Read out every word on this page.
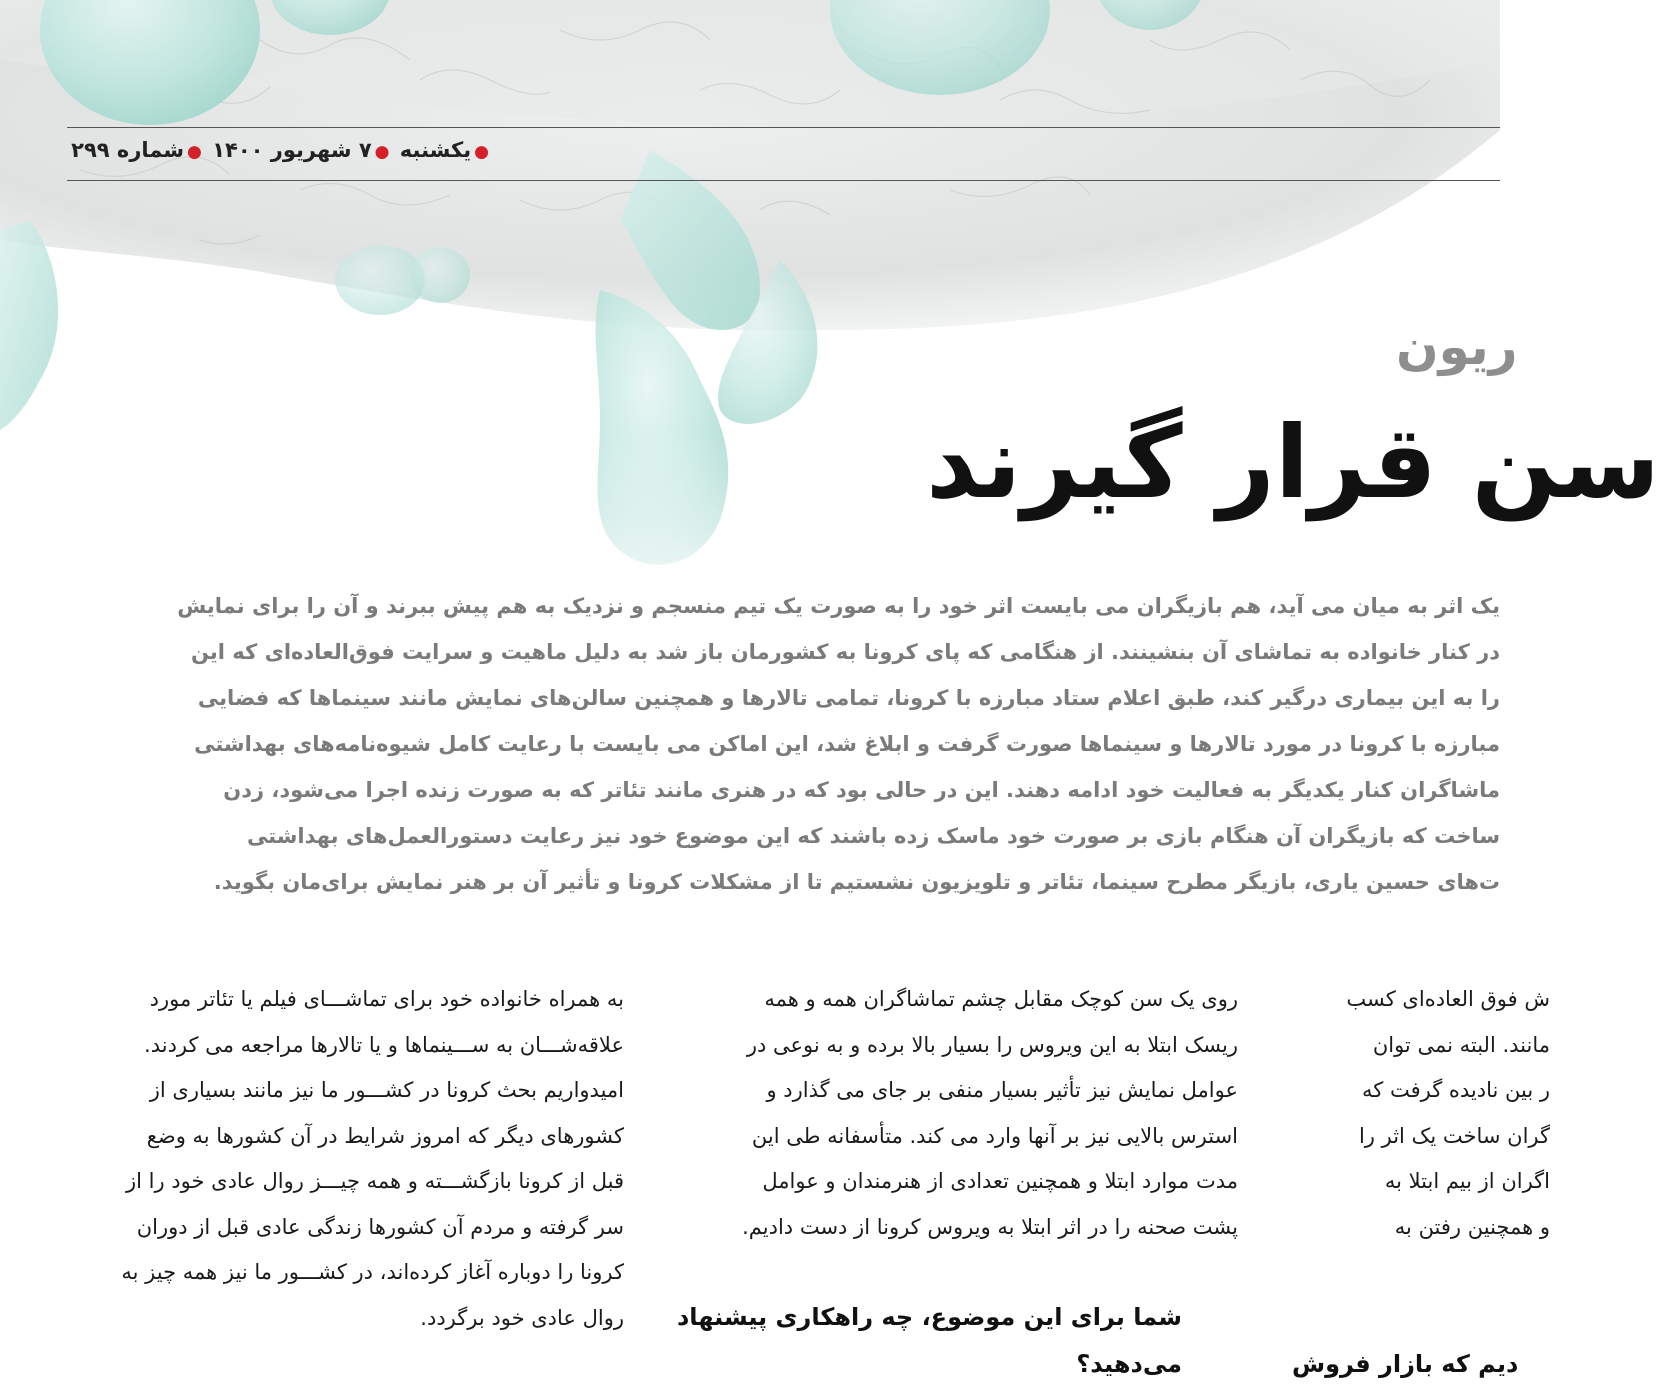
●یکشنبه ●۷ شهریور ۱۴۰۰ ●شماره ۲۹۹
ریون
سن قرار گیرند
یک اثر به میان می آید، هم بازیگران می بایست اثر خود را به صورت یک تیم منسجم و نزدیک به هم پیش ببرند و آن را برای نمایش
در کنار خانواده به تماشای آن بنشینند. از هنگامی که پای کرونا به کشورمان باز شد به دلیل ماهیت و سرایت فوق‌العاده‌ای که این
را به این بیماری درگیر کند، طبق اعلام ستاد مبارزه با کرونا، تمامی تالارها و همچنین سالن‌های نمایش مانند سینماها که فضایی
مبارزه با کرونا در مورد تالارها و سینماها صورت گرفت و ابلاغ شد، این اماکن می بایست با رعایت کامل شیوه‌نامه‌های بهداشتی
ماشاگران کنار یکدیگر به فعالیت خود ادامه دهند. این در حالی بود که در هنری مانند تئاتر که به صورت زنده اجرا می‌شود، زدن
ساخت که بازیگران آن هنگام بازی بر صورت خود ماسک زده باشند که این موضوع خود نیز رعایت دستورالعمل‌های بهداشتی
ت‌های حسین یاری، بازیگر مطرح سینما، تئاتر و تلویزیون نشستیم تا از مشکلات کرونا و تأثیر آن بر هنر نمایش برای‌مان بگوید.
ش فوق العاده‌ای کسب
مانند. البته نمی توان
ر بین نادیده گرفت که
گران ساخت یک اثر را
اگران از بیم ابتلا به
و همچنین رفتن به
دیم که بازار فروش
روی یک سن کوچک مقابل چشم تماشاگران همه و همه
ریسک ابتلا به این ویروس را بسیار بالا برده و به نوعی در
عوامل نمایش نیز تأثیر بسیار منفی بر جای می گذارد و
استرس بالایی نیز بر آنها وارد می کند. متأسفانه طی این
مدت موارد ابتلا و همچنین تعدادی از هنرمندان و عوامل
پشت صحنه را در اثر ابتلا به ویروس کرونا از دست دادیم.
شما برای این موضوع، چه راهکاری پیشنهاد
می‌دهید؟
به همراه خانواده خود برای تماشـــای فیلم یا تئاتر مورد
علاقه‌شـــان به ســـینماها و یا تالارها مراجعه می کردند.
امیدواریم بحث کرونا در کشـــور ما نیز مانند بسیاری از
کشورهای دیگر که امروز شرایط در آن کشورها به وضع
قبل از کرونا بازگشـــته و همه چیـــز روال عادی خود را از
سر گرفته و مردم آن کشورها زندگی عادی قبل از دوران
کرونا را دوباره آغاز کرده‌اند، در کشـــور ما نیز همه چیز به
روال عادی خود برگردد.
